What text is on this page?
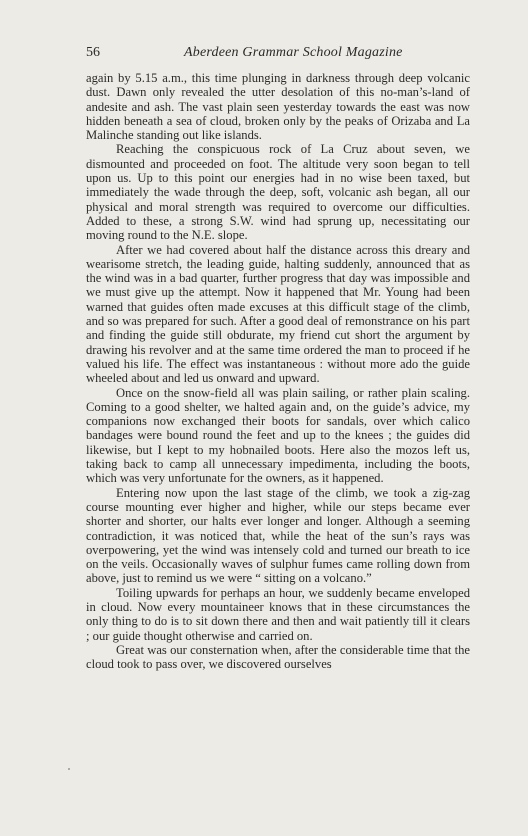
56	Aberdeen Grammar School Magazine

again by 5.15 a.m., this time plunging in darkness through deep volcanic dust. Dawn only revealed the utter desolation of this no-man’s-land of andesite and ash. The vast plain seen yesterday towards the east was now hidden beneath a sea of cloud, broken only by the peaks of Orizaba and La Malinche standing out like islands.

Reaching the conspicuous rock of La Cruz about seven, we dismounted and proceeded on foot. The altitude very soon began to tell upon us. Up to this point our energies had in no wise been taxed, but immediately the wade through the deep, soft, volcanic ash began, all our physical and moral strength was required to overcome our difficulties. Added to these, a strong S.W. wind had sprung up, necessitating our moving round to the N.E. slope.

After we had covered about half the distance across this dreary and wearisome stretch, the leading guide, halting suddenly, announced that as the wind was in a bad quarter, further progress that day was impossible and we must give up the attempt. Now it happened that Mr. Young had been warned that guides often made excuses at this difficult stage of the climb, and so was prepared for such. After a good deal of remonstrance on his part and finding the guide still obdurate, my friend cut short the argument by drawing his revolver and at the same time ordered the man to proceed if he valued his life. The effect was instantaneous : without more ado the guide wheeled about and led us onward and upward.

Once on the snow-field all was plain sailing, or rather plain scaling. Coming to a good shelter, we halted again and, on the guide’s advice, my companions now exchanged their boots for sandals, over which calico bandages were bound round the feet and up to the knees ; the guides did likewise, but I kept to my hobnailed boots. Here also the mozos left us, taking back to camp all unnecessary impedimenta, including the boots, which was very unfortunate for the owners, as it happened.

Entering now upon the last stage of the climb, we took a zig-zag course mounting ever higher and higher, while our steps became ever shorter and shorter, our halts ever longer and longer. Although a seeming contradiction, it was noticed that, while the heat of the sun’s rays was overpowering, yet the wind was intensely cold and turned our breath to ice on the veils. Occasionally waves of sulphur fumes came rolling down from above, just to remind us we were “ sitting on a volcano.”

Toiling upwards for perhaps an hour, we suddenly became enveloped in cloud. Now every mountaineer knows that in these circumstances the only thing to do is to sit down there and then and wait patiently till it clears ; our guide thought otherwise and carried on.

Great was our consternation when, after the considerable time that the cloud took to pass over, we discovered ourselves
